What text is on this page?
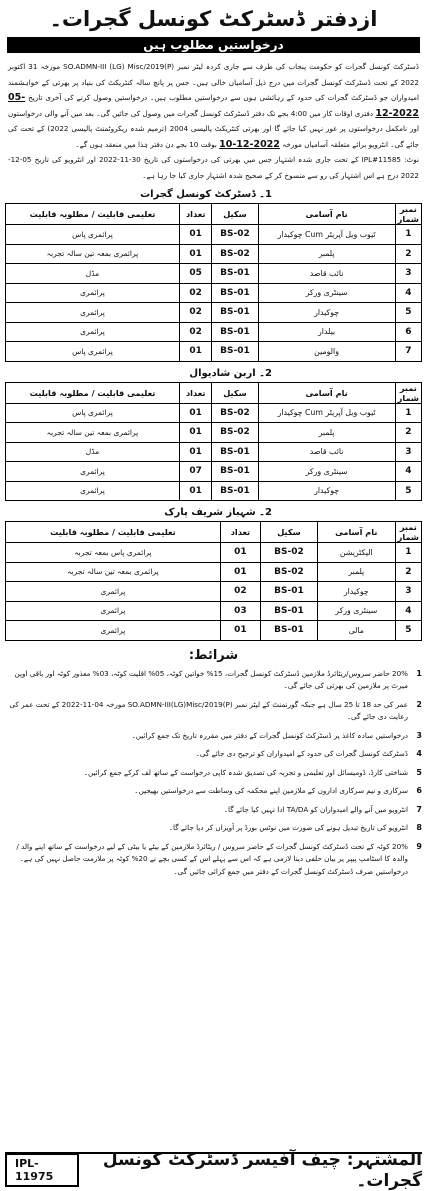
ازدفتر ڈسٹرکٹ کونسل گجرات۔
درخواستیں مطلوب ہیں
ڈسٹرکٹ کونسل گجرات کو حکومت پنجاب کی طرف سے جاری کردہ لیٹر نمبر SO.ADMN-III (LG) Misc/2019(P) مورخہ 31 اکتوبر 2022 کے تحت ڈسٹرکٹ کونسل گجرات میں درج ذیل آسامیاں خالی ہیں۔ جس پر پانچ سالہ کنٹریکٹ کی بنیاد پر بھرتی کے خواہشمند امیدواران جو ڈسٹرکٹ گجرات کی حدود کے رہائشی ہوں سے درخواستیں مطلوب ہیں۔ درخواستیں وصول کرنے کی آخری تاریخ 05-12-2022 دفتری اوقات کار میں 4:00 بجے تک دفتر ڈسٹرکٹ کونسل گجرات میں وصول کی جائیں گی۔ بعد میں آنے والی درخواستوں اور نامکمل درخواستوں پر غور نہیں کیا جائے گا اور بھرتی کنٹریکٹ پالیسی 2004 (ترمیم شدہ ریکروٹمنٹ پالیسی 2022) کے تحت کی جائے گی۔ انٹرویو برائے متعلقہ آسامیاں مورخہ 10-12-2022 بوقت 10 بجے دن دفتر ہٰذا میں منعقد ہوں گے۔
نوٹ: IPL#11585 کے تحت جاری شدہ اشتہار جس میں بھرتی کی درخواستوں کی تاریخ 30-11-2022 اور انٹرویو کی تاریخ 05-12-2022 درج ہے اس اشتہار کی رو سے منسوخ کر کے صحیح شدہ اشتہار جاری کیا جا رہا ہے۔
1۔ ڈسٹرکٹ کونسل گجرات
نمبر شمار	نام آسامی	سکیل	تعداد	تعلیمی قابلیت / مطلوبہ قابلیت
1	ٹیوب ویل آپریٹر Cum چوکیدار	BS-02	01	پرائمری پاس
2	پلمبر	BS-02	01	پرائمری بمعہ تین سالہ تجربہ
3	نائب قاصد	BS-01	05	مڈل
4	سینٹری ورکر	BS-01	02	پرائمری
5	چوکیدار	BS-01	02	پرائمری
6	بیلدار	BS-01	02	پرائمری
7	والومین	BS-01	01	پرائمری پاس
2۔ اربن شادیوال
نمبر شمار	نام آسامی	سکیل	تعداد	تعلیمی قابلیت / مطلوبہ قابلیت
1	ٹیوب ویل آپریٹر Cum چوکیدار	BS-02	01	پرائمری پاس
2	پلمبر	BS-02	01	پرائمری بمعہ تین سالہ تجربہ
3	نائب قاصد	BS-01	01	مڈل
4	سینٹری ورکر	BS-01	07	پرائمری
5	چوکیدار	BS-01	01	پرائمری
2۔ شہباز شریف پارک
نمبر شمار	نام آسامی	سکیل	تعداد	تعلیمی قابلیت / مطلوبہ قابلیت
1	الیکٹریشن	BS-02	01	پرائمری پاس بمعہ تجربہ
2	پلمبر	BS-02	01	پرائمری بمعہ تین سالہ تجربہ
3	چوکیدار	BS-01	02	پرائمری
4	سینٹری ورکر	BS-01	03	پرائمری
5	مالی	BS-01	01	پرائمری
شرائط:
1
20% حاضر سروس/ریٹائرڈ ملازمین ڈسٹرکٹ کونسل گجرات، 15% خواتین کوٹہ، 05% اقلیت کوٹہ، 03% معذور کوٹہ اور باقی اوپن میرٹ پر ملازمین کی بھرتی کی جائے گی۔
2
عمر کی حد 18 تا 25 سال ہے جبکہ گورنمنٹ کے لیٹر نمبر SO.ADMN-III(LG)Misc/2019(P) مورخہ 04-11-2022 کے تحت عمر کی رعایت دی جائے گی۔
3
درخواستیں سادہ کاغذ پر ڈسٹرکٹ کونسل گجرات کے دفتر میں مقررہ تاریخ تک جمع کرائیں۔
4
ڈسٹرکٹ کونسل گجرات کی حدود کے امیدواران کو ترجیح دی جائے گی۔
5
شناختی کارڈ، ڈومیسائل اور تعلیمی و تجربہ کی تصدیق شدہ کاپی درخواست کے ساتھ لف کرکے جمع کرائیں۔
6
سرکاری و نیم سرکاری اداروں کے ملازمین اپنے محکمہ کی وساطت سے درخواستیں بھیجیں۔
7
انٹرویو میں آنے والے امیدواران کو TA/DA ادا نہیں کیا جائے گا۔
8
انٹرویو کی تاریخ تبدیل ہونے کی صورت میں نوٹس بورڈ پر آویزاں کر دیا جائے گا۔
9
20% کوٹہ کے تحت ڈسٹرکٹ کونسل گجرات کے حاضر سروس / ریٹائرڈ ملازمین کے بیٹے یا بیٹی کے لیے درخواست کے ساتھ اپنے والد / والدہ کا اسٹامپ پیپر پر بیان حلفی دینا لازمی ہے کہ اس سے پہلے اس کے کسی بچے نے 20% کوٹہ پر ملازمت حاصل نہیں کی ہے۔ درخواستیں صرف ڈسٹرکٹ کونسل گجرات کے دفتر میں جمع کرائی جائیں گی۔
المشتہر: چیف آفیسر ڈسٹرکٹ کونسل گجرات۔
IPL-11975
